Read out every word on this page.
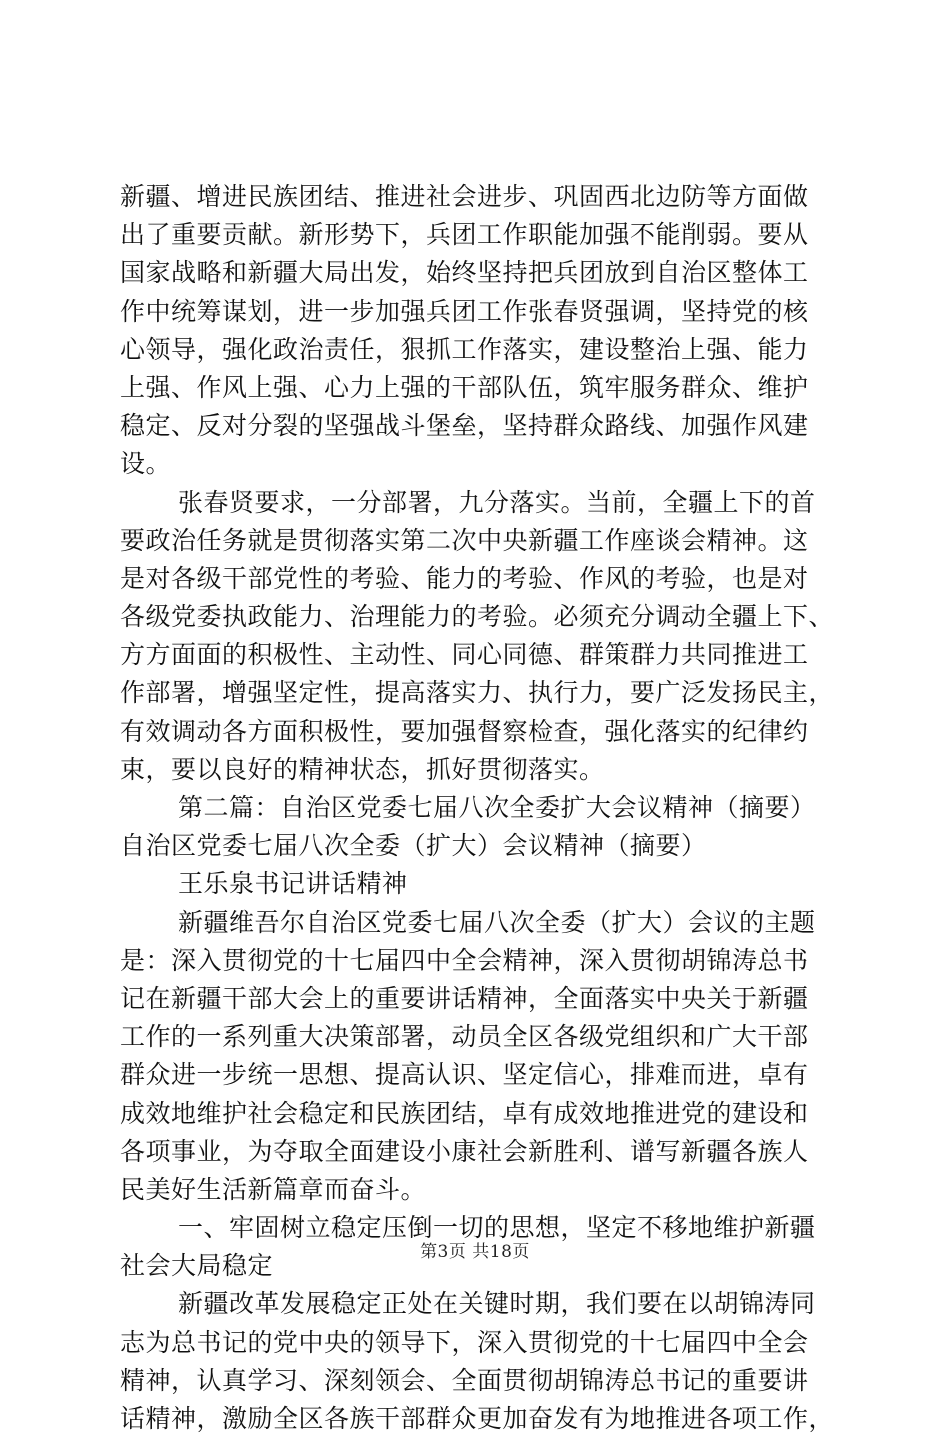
新疆、增进民族团结、推进社会进步、巩固西北边防等方面做
出了重要贡献。新形势下，兵团工作职能加强不能削弱。要从
国家战略和新疆大局出发，始终坚持把兵团放到自治区整体工
作中统筹谋划，进一步加强兵团工作张春贤强调，坚持党的核
心领导，强化政治责任，狠抓工作落实，建设整治上强、能力
上强、作风上强、心力上强的干部队伍，筑牢服务群众、维护
稳定、反对分裂的坚强战斗堡垒，坚持群众路线、加强作风建
设。
张春贤要求，一分部署，九分落实。当前，全疆上下的首
要政治任务就是贯彻落实第二次中央新疆工作座谈会精神。这
是对各级干部党性的考验、能力的考验、作风的考验，也是对
各级党委执政能力、治理能力的考验。必须充分调动全疆上下、
方方面面的积极性、主动性、同心同德、群策群力共同推进工
作部署，增强坚定性，提高落实力、执行力，要广泛发扬民主，
有效调动各方面积极性，要加强督察检查，强化落实的纪律约
束，要以良好的精神状态，抓好贯彻落实。
第二篇：自治区党委七届八次全委扩大会议精神（摘要）
自治区党委七届八次全委（扩大）会议精神（摘要）
王乐泉书记讲话精神
新疆维吾尔自治区党委七届八次全委（扩大）会议的主题
是：深入贯彻党的十七届四中全会精神，深入贯彻胡锦涛总书
记在新疆干部大会上的重要讲话精神，全面落实中央关于新疆
工作的一系列重大决策部署，动员全区各级党组织和广大干部
群众进一步统一思想、提高认识、坚定信心，排难而进，卓有
成效地维护社会稳定和民族团结，卓有成效地推进党的建设和
各项事业，为夺取全面建设小康社会新胜利、谱写新疆各族人
民美好生活新篇章而奋斗。
一、牢固树立稳定压倒一切的思想，坚定不移地维护新疆
社会大局稳定
新疆改革发展稳定正处在关键时期，我们要在以胡锦涛同
志为总书记的党中央的领导下，深入贯彻党的十七届四中全会
精神，认真学习、深刻领会、全面贯彻胡锦涛总书记的重要讲
话精神，激励全区各族干部群众更加奋发有为地推进各项工作，
第3页 共18页
